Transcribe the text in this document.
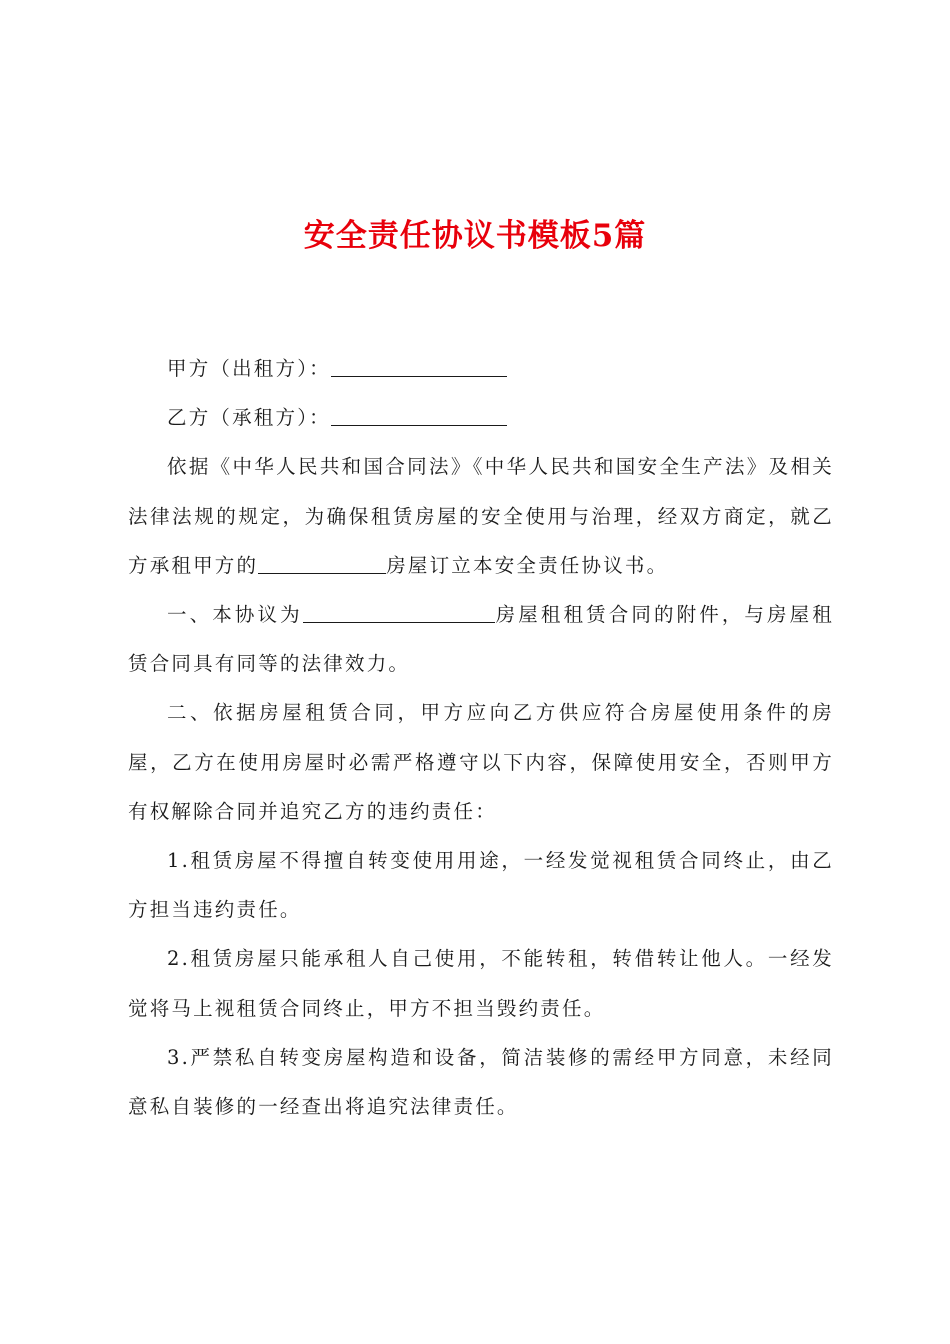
安全责任协议书模板5篇

甲方（出租方）：

乙方（承租方）：

依据《中华人民共和国合同法》《中华人民共和国安全生产法》及相关法律法规的规定，为确保租赁房屋的安全使用与治理，经双方商定，就乙方承租甲方的	房屋订立本安全责任协议书。

一、本协议为	房屋租租赁合同的附件，与房屋租赁合同具有同等的法律效力。

二、依据房屋租赁合同，甲方应向乙方供应符合房屋使用条件的房屋，乙方在使用房屋时必需严格遵守以下内容，保障使用安全，否则甲方有权解除合同并追究乙方的违约责任：

1.租赁房屋不得擅自转变使用用途，一经发觉视租赁合同终止，由乙方担当违约责任。

2.租赁房屋只能承租人自己使用，不能转租，转借转让他人。一经发觉将马上视租赁合同终止，甲方不担当毁约责任。

3.严禁私自转变房屋构造和设备，简洁装修的需经甲方同意，未经同意私自装修的一经查出将追究法律责任。
